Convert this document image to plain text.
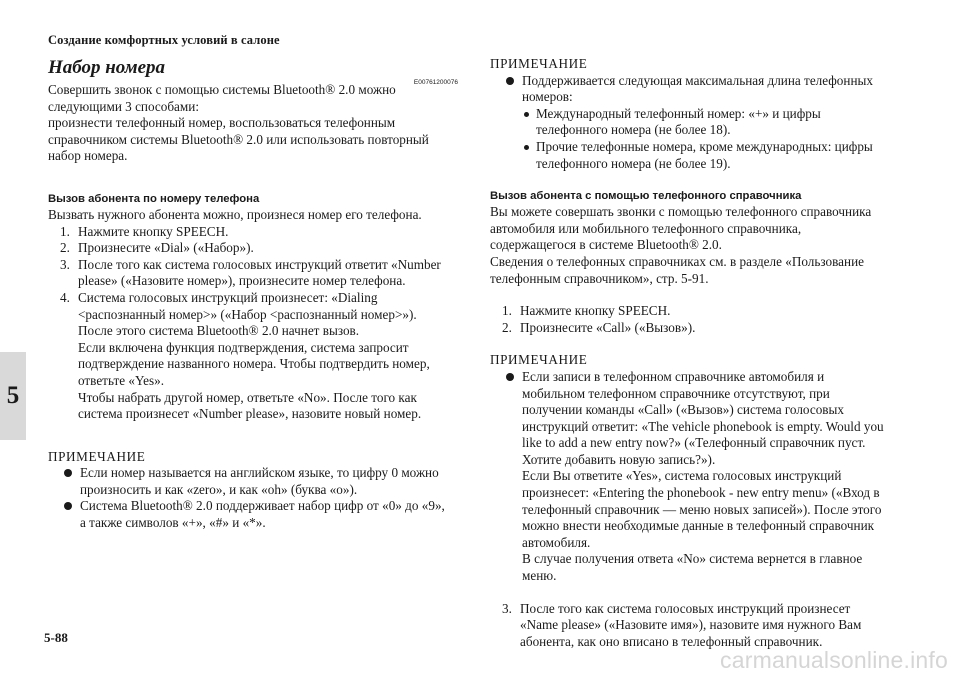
Создание комфортных условий в салоне
5
Набор номера
E00761200076

Совершить звонок с помощью системы Bluetooth® 2.0 можно

следующими 3 способами:

произнести телефонный номер, воспользоваться телефонным

справочником системы Bluetooth® 2.0 или использовать повторный

набор номера.

Вызов абонента по номеру телефона

Вызвать нужного абонента можно, произнеся номер его телефона.

1. Нажмите кнопку SPEECH.

2. Произнесите «Dial» («Набор»).

3. После того как система голосовых инструкций ответит «Number

please» («Назовите номер»), произнесите номер телефона.

4. Система голосовых инструкций произнесет: «Dialing

<распознанный номер>» («Набор <распознанный номер>»).

После этого система Bluetooth® 2.0 начнет вызов.

Если включена функция подтверждения, система запросит

подтверждение названного номера. Чтобы подтвердить номер,

ответьте «Yes».

Чтобы набрать другой номер, ответьте «No». После того как

система произнесет «Number please», назовите новый номер.

ПРИМЕЧАНИЕ

Если номер называется на английском языке, то цифру 0 можно

произносить и как «zero», и как «oh» (буква «o»).

Система Bluetooth® 2.0 поддерживает набор цифр от «0» до «9»,

а также символов «+», «#» и «*».

ПРИМЕЧАНИЕ

Поддерживается следующая максимальная длина телефонных

номеров:

Международный телефонный номер: «+» и цифры

телефонного номера (не более 18).

Прочие телефонные номера, кроме международных: цифры

телефонного номера (не более 19).

Вызов абонента с помощью телефонного справочника

Вы можете совершать звонки с помощью телефонного справочника

автомобиля или мобильного телефонного справочника,

содержащегося в системе Bluetooth® 2.0.

Сведения о телефонных справочниках см. в разделе «Пользование

телефонным справочником», стр. 5-91.

1. Нажмите кнопку SPEECH.

2. Произнесите «Call» («Вызов»).

ПРИМЕЧАНИЕ

Если записи в телефонном справочнике автомобиля и

мобильном телефонном справочнике отсутствуют, при

получении команды «Call» («Вызов») система голосовых

инструкций ответит: «The vehicle phonebook is empty. Would you

like to add a new entry now?» («Телефонный справочник пуст.

Хотите добавить новую запись?»).

Если Вы ответите «Yes», система голосовых инструкций

произнесет: «Entering the phonebook - new entry menu» («Вход в

телефонный справочник — меню новых записей»). После этого

можно внести необходимые данные в телефонный справочник

автомобиля.

В случае получения ответа «No» система вернется в главное

меню.

3. После того как система голосовых инструкций произнесет

«Name please» («Назовите имя»), назовите имя нужного Вам

абонента, как оно вписано в телефонный справочник.

5-88
carmanualsonline.info
